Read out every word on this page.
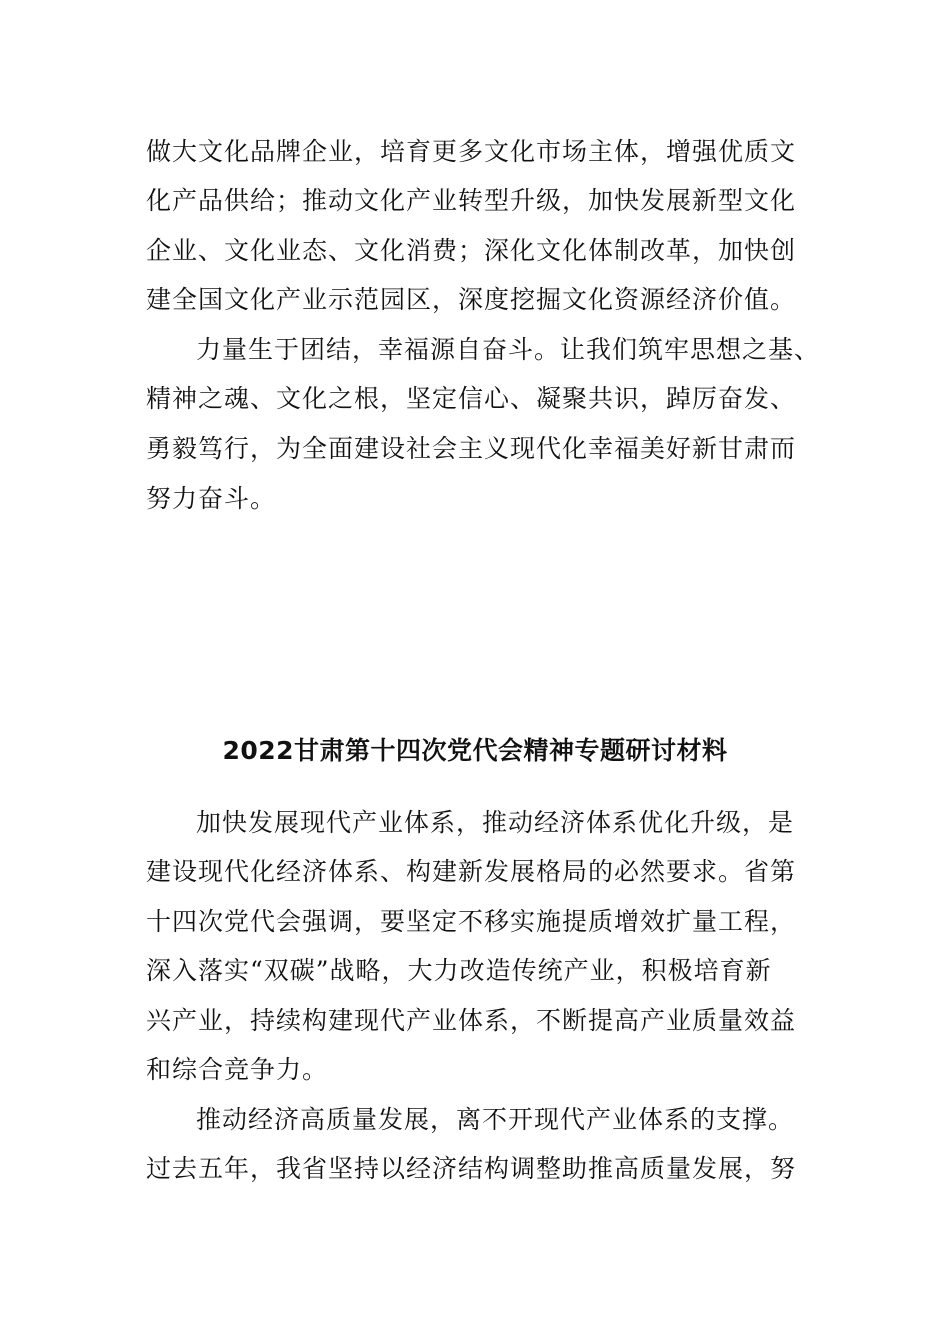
做大文化品牌企业，培育更多文化市场主体，增强优质文
化产品供给；推动文化产业转型升级，加快发展新型文化
企业、文化业态、文化消费；深化文化体制改革，加快创
建全国文化产业示范园区，深度挖掘文化资源经济价值。
力量生于团结，幸福源自奋斗。让我们筑牢思想之基、
精神之魂、文化之根，坚定信心、凝聚共识，踔厉奋发、
勇毅笃行，为全面建设社会主义现代化幸福美好新甘肃而
努力奋斗。
2022甘肃第十四次党代会精神专题研讨材料
加快发展现代产业体系，推动经济体系优化升级，是
建设现代化经济体系、构建新发展格局的必然要求。省第
十四次党代会强调，要坚定不移实施提质增效扩量工程，
深入落实“双碳”战略，大力改造传统产业，积极培育新
兴产业，持续构建现代产业体系，不断提高产业质量效益
和综合竞争力。
推动经济高质量发展，离不开现代产业体系的支撑。
过去五年，我省坚持以经济结构调整助推高质量发展，努
